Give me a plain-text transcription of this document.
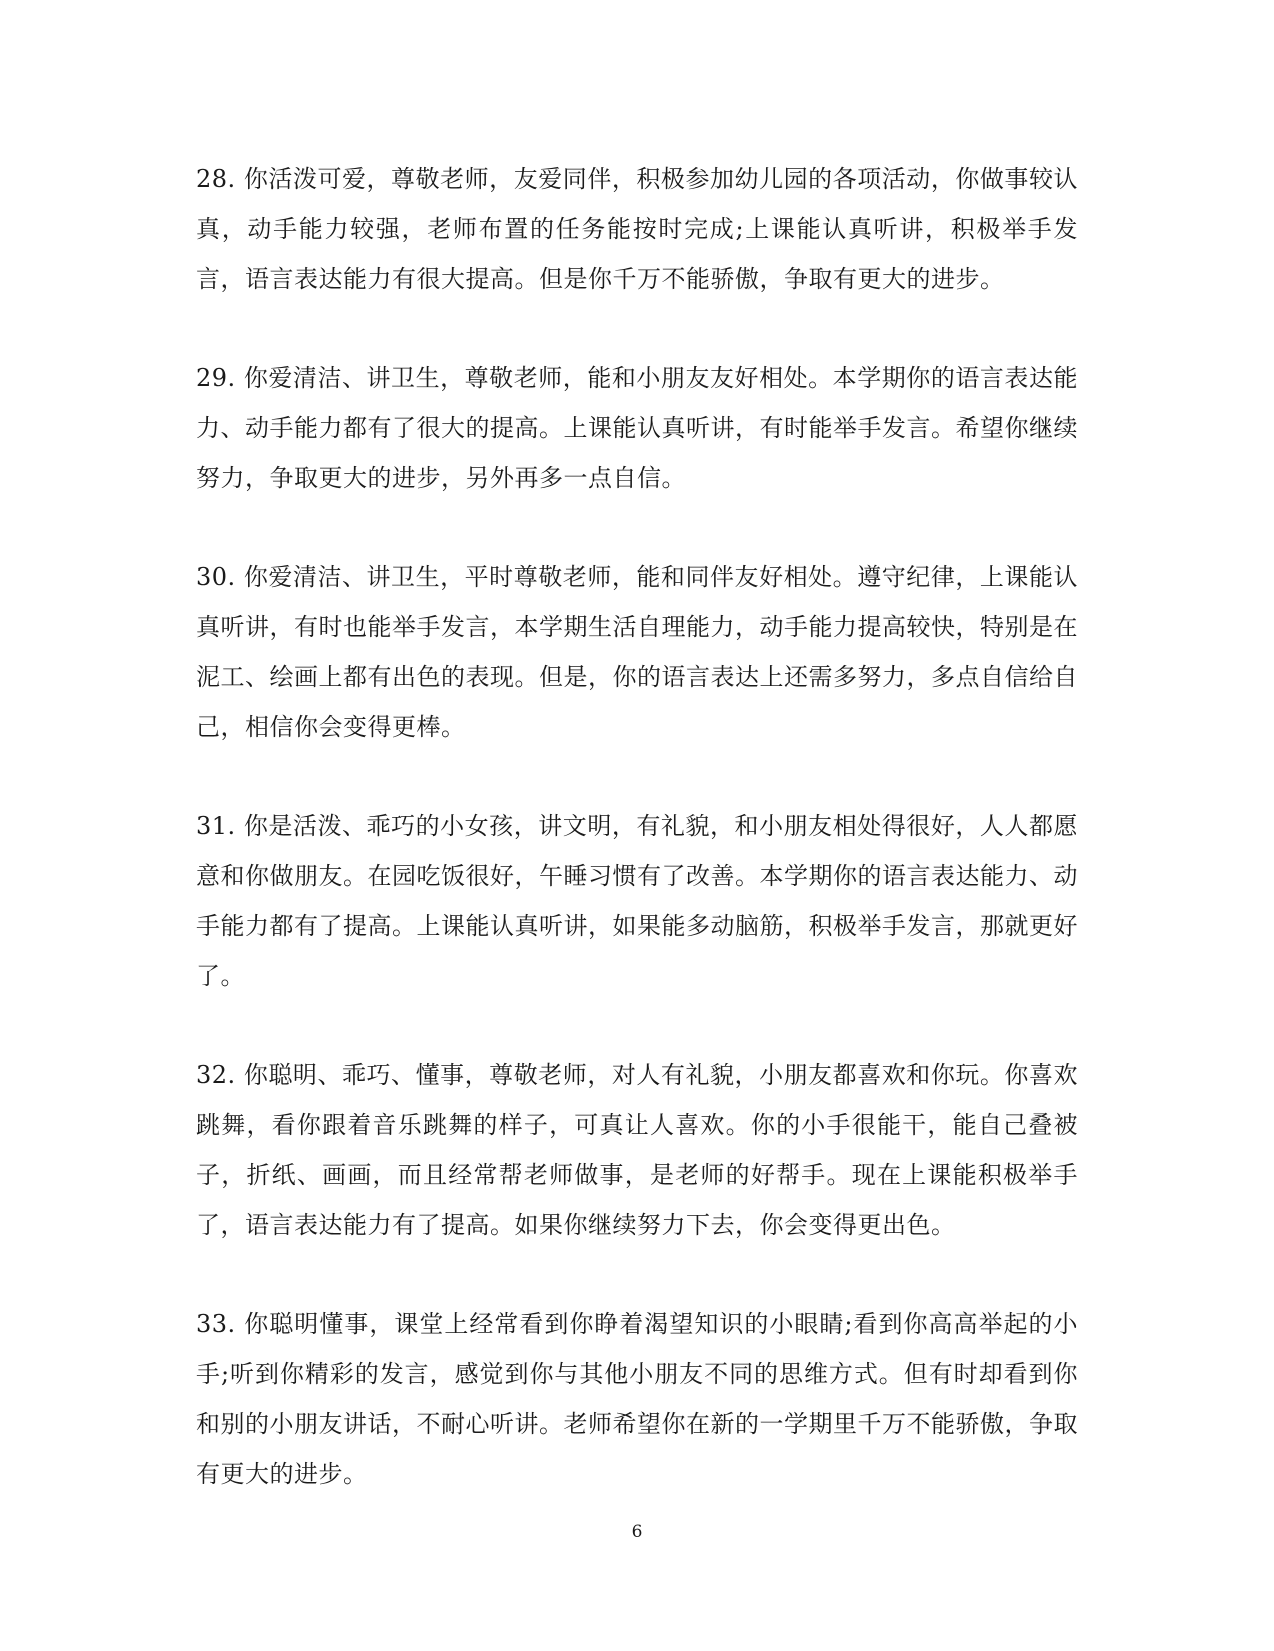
28. 你活泼可爱，尊敬老师，友爱同伴，积极参加幼儿园的各项活动，你做事较认真，动手能力较强，老师布置的任务能按时完成;上课能认真听讲，积极举手发言，语言表达能力有很大提高。但是你千万不能骄傲，争取有更大的进步。

29. 你爱清洁、讲卫生，尊敬老师，能和小朋友友好相处。本学期你的语言表达能力、动手能力都有了很大的提高。上课能认真听讲，有时能举手发言。希望你继续努力，争取更大的进步，另外再多一点自信。

30. 你爱清洁、讲卫生，平时尊敬老师，能和同伴友好相处。遵守纪律，上课能认真听讲，有时也能举手发言，本学期生活自理能力，动手能力提高较快，特别是在泥工、绘画上都有出色的表现。但是，你的语言表达上还需多努力，多点自信给自己，相信你会变得更棒。

31. 你是活泼、乖巧的小女孩，讲文明，有礼貌，和小朋友相处得很好，人人都愿意和你做朋友。在园吃饭很好，午睡习惯有了改善。本学期你的语言表达能力、动手能力都有了提高。上课能认真听讲，如果能多动脑筋，积极举手发言，那就更好了。

32. 你聪明、乖巧、懂事，尊敬老师，对人有礼貌，小朋友都喜欢和你玩。你喜欢跳舞，看你跟着音乐跳舞的样子，可真让人喜欢。你的小手很能干，能自己叠被子，折纸、画画，而且经常帮老师做事，是老师的好帮手。现在上课能积极举手了，语言表达能力有了提高。如果你继续努力下去，你会变得更出色。

33. 你聪明懂事，课堂上经常看到你睁着渴望知识的小眼睛;看到你高高举起的小手;听到你精彩的发言，感觉到你与其他小朋友不同的思维方式。但有时却看到你和别的小朋友讲话，不耐心听讲。老师希望你在新的一学期里千万不能骄傲，争取有更大的进步。

6
